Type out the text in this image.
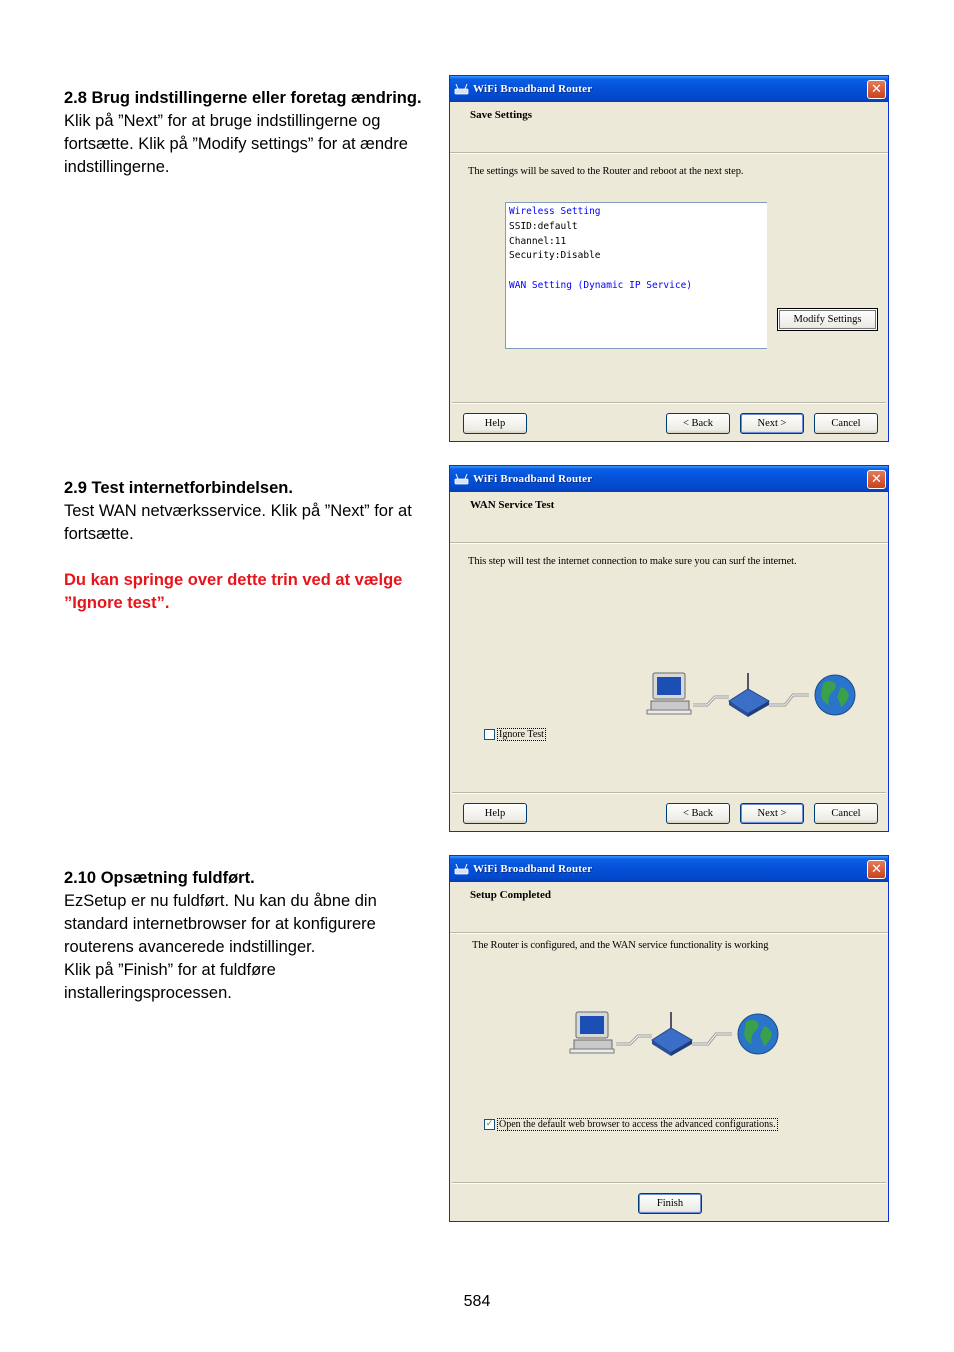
2.8 Brug indstillingerne eller foretag ændring.
Klik på ”Next” for at bruge indstillingerne og fortsætte. Klik på ”Modify settings” for at ændre indstillingerne.
2.9 Test internetforbindelsen.
Test WAN netværksservice. Klik på ”Next” for at fortsætte.
Du kan springe over dette trin ved at vælge ”Ignore test”.
2.10 Opsætning fuldført.
EzSetup er nu fuldført. Nu kan du åbne din standard internetbrowser for at konfigurere routerens avancerede indstillinger.
Klik på ”Finish” for at fuldføre installeringsprocessen.
WiFi Broadband Router	✕
Save Settings
The settings will be saved to the Router and reboot at the next step.
Wireless Setting
SSID:default
Channel:11
Security:Disable
WAN Setting (Dynamic IP Service)
Modify Settings
Help	< Back	Next >	Cancel
WiFi Broadband Router	✕
WAN Service Test
This step will test the internet connection to make sure you can surf the internet.
Ignore Test
Help	< Back	Next >	Cancel
WiFi Broadband Router	✕
Setup Completed
The Router is configured, and the WAN service functionality is working
✓ Open the default web browser to access the advanced configurations.
Finish
584
